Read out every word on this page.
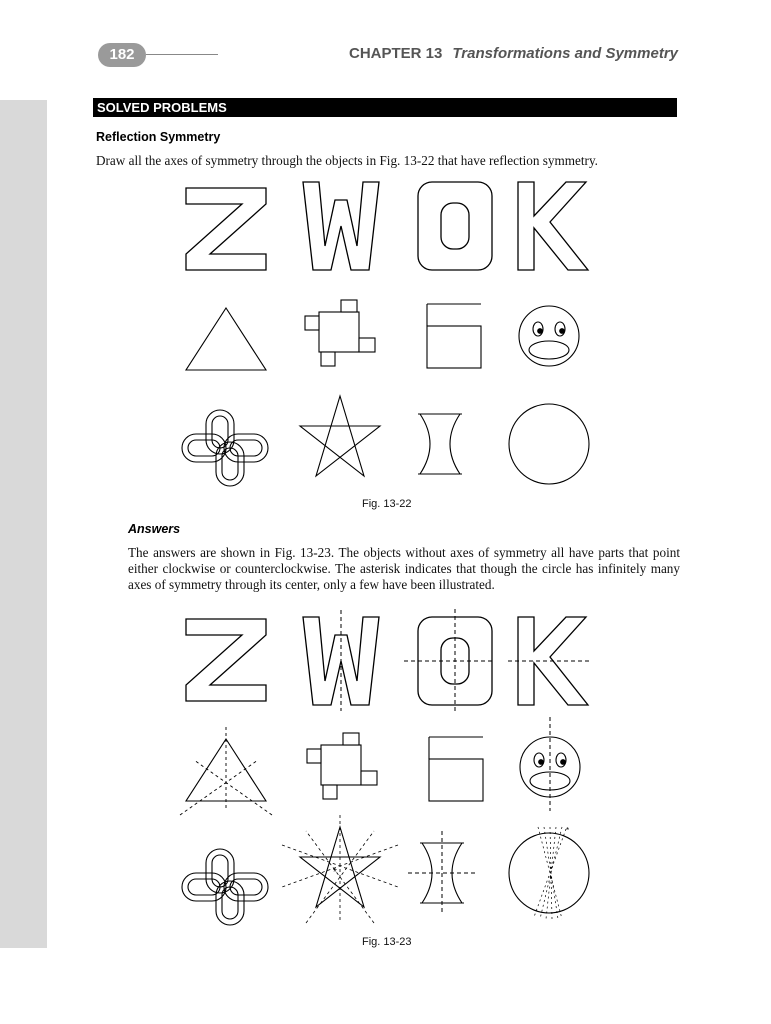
182	CHAPTER 13 Transformations and Symmetry
SOLVED PROBLEMS
Reflection Symmetry
Draw all the axes of symmetry through the objects in Fig. 13-22 that have reflection symmetry.
Fig. 13-22
Answers
The answers are shown in Fig. 13-23. The objects without axes of symmetry all have parts that point either clockwise or counterclockwise. The asterisk indicates that though the circle has infinitely many axes of symmetry through its center, only a few have been illustrated.
*
*
Fig. 13-23
